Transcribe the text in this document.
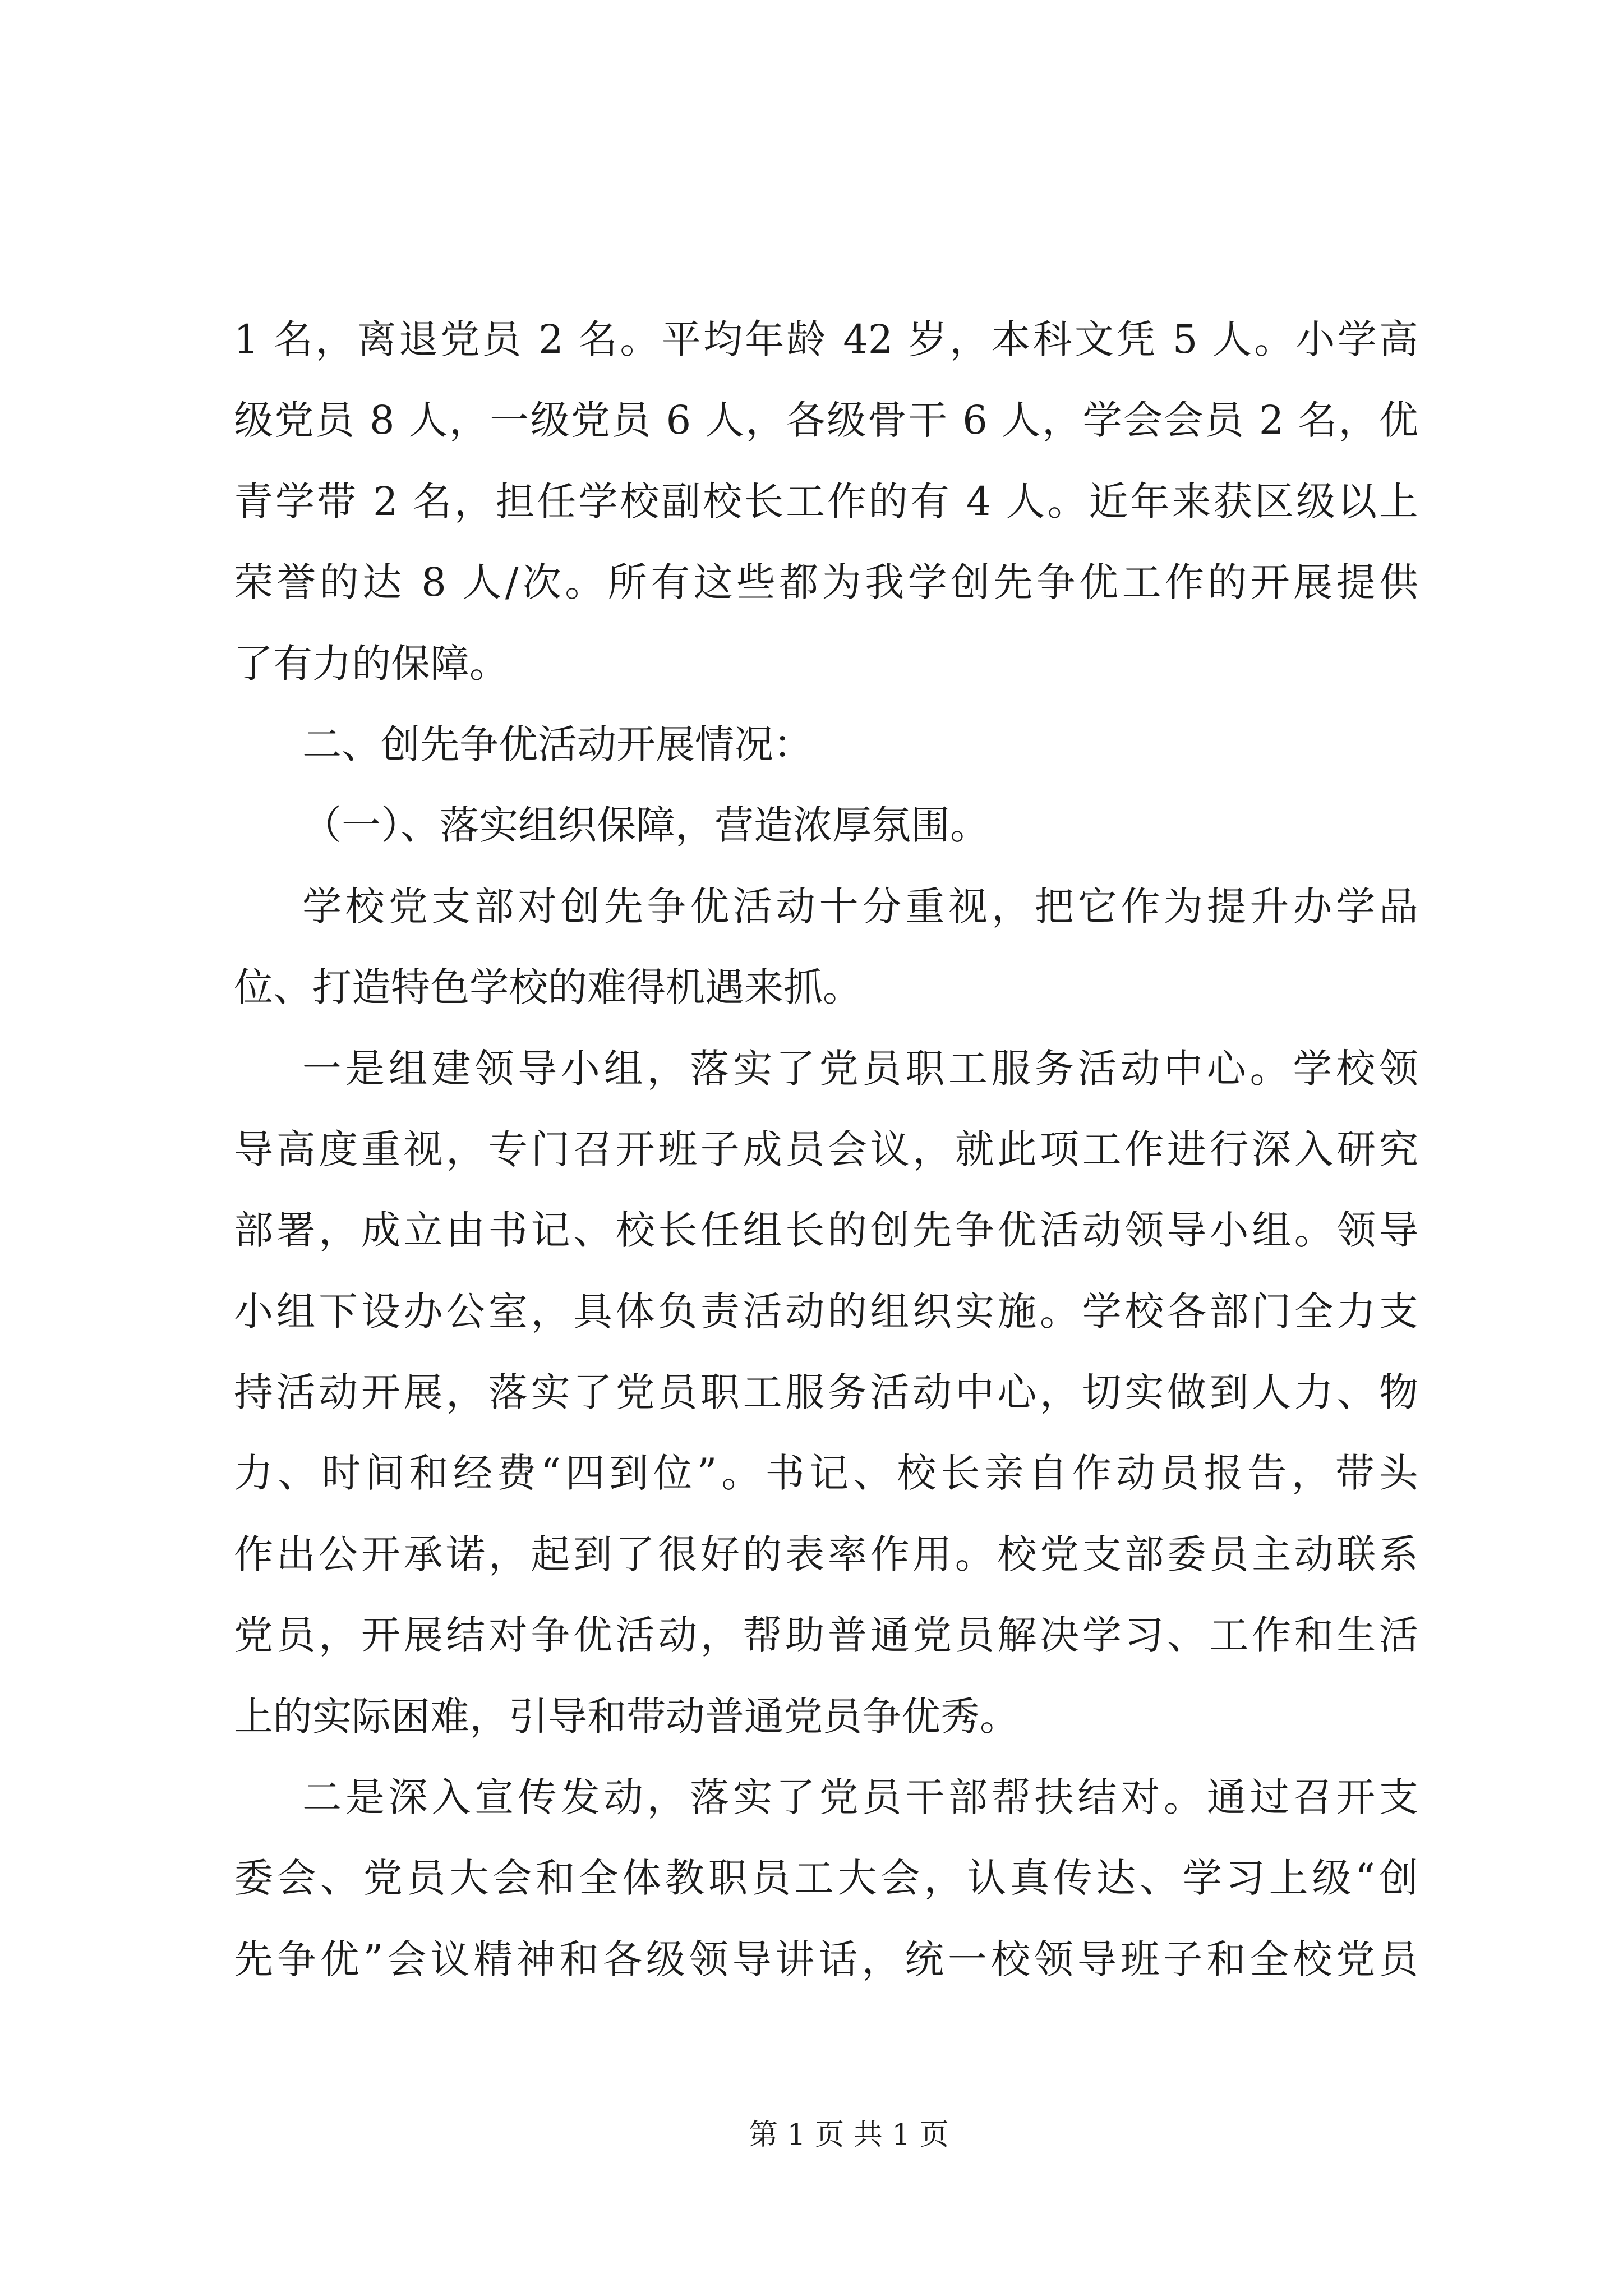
1 名，离退党员 2 名。平均年龄 42 岁，本科文凭 5 人。小学高
级党员 8 人，一级党员 6 人，各级骨干 6 人，学会会员 2 名，优
青学带 2 名，担任学校副校长工作的有 4 人。近年来获区级以上
荣誉的达 8 人/次。所有这些都为我学创先争优工作的开展提供
了有力的保障。
二、创先争优活动开展情况：
（一）、落实组织保障，营造浓厚氛围。
学校党支部对创先争优活动十分重视，把它作为提升办学品
位、打造特色学校的难得机遇来抓。
一是组建领导小组，落实了党员职工服务活动中心。学校领
导高度重视，专门召开班子成员会议，就此项工作进行深入研究
部署，成立由书记、校长任组长的创先争优活动领导小组。领导
小组下设办公室，具体负责活动的组织实施。学校各部门全力支
持活动开展，落实了党员职工服务活动中心，切实做到人力、物
力、时间和经费“四到位”。书记、校长亲自作动员报告，带头
作出公开承诺，起到了很好的表率作用。校党支部委员主动联系
党员，开展结对争优活动，帮助普通党员解决学习、工作和生活
上的实际困难，引导和带动普通党员争优秀。
二是深入宣传发动，落实了党员干部帮扶结对。通过召开支
委会、党员大会和全体教职员工大会，认真传达、学习上级“创
先争优”会议精神和各级领导讲话，统一校领导班子和全校党员
第 1 页 共 1 页
